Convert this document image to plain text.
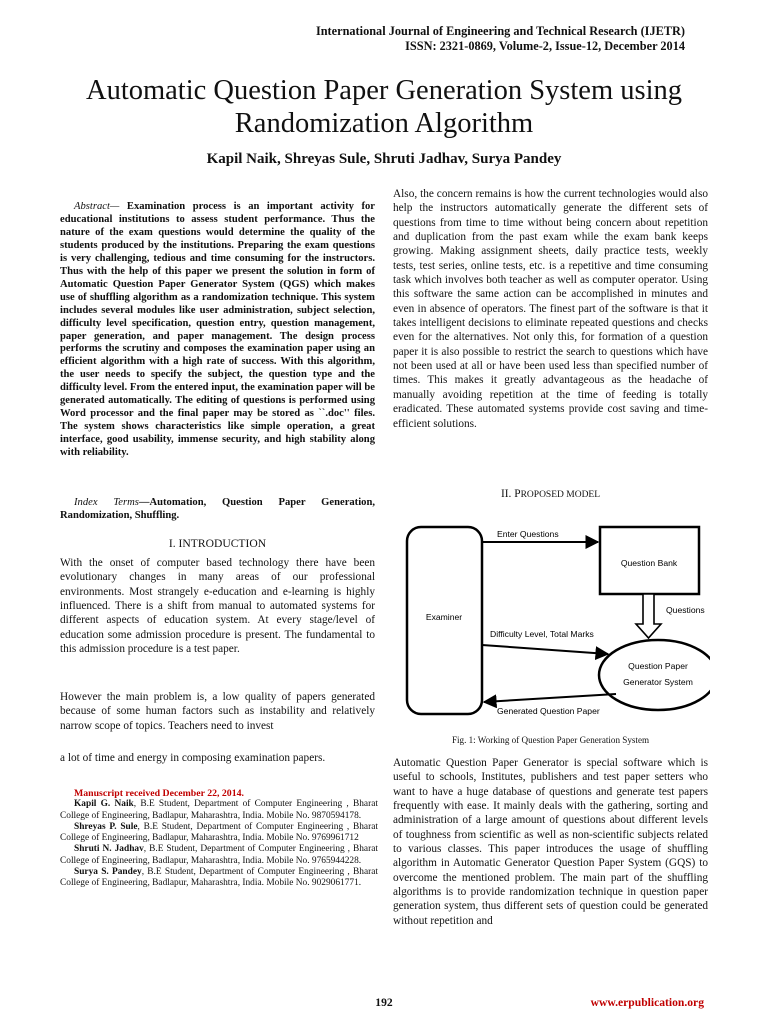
International Journal of Engineering and Technical Research (IJETR)
ISSN: 2321-0869, Volume-2, Issue-12, December 2014
Automatic Question Paper Generation System using
Randomization Algorithm
Kapil Naik, Shreyas Sule, Shruti Jadhav, Surya Pandey
Abstract— Examination process is an important activity for educational institutions to assess student performance. Thus the nature of the exam questions would determine the quality of the students produced by the institutions. Preparing the exam questions is very challenging, tedious and time consuming for the instructors. Thus with the help of this paper we present the solution in form of Automatic Question Paper Generator System (QGS) which makes use of shuffling algorithm as a randomization technique. This system includes several modules like user administration, subject selection, difficulty level specification, question entry, question management, paper generation, and paper management. The design process performs the scrutiny and composes the examination paper using an efficient algorithm with a high rate of success. With this algorithm, the user needs to specify the subject, the question type and the difficulty level. From the entered input, the examination paper will be generated automatically. The editing of questions is performed using Word processor and the final paper may be stored as ``.doc'' files. The system shows characteristics like simple operation, a great interface, good usability, immense security, and high stability along with reliability.
Index Terms—Automation, Question Paper Generation, Randomization, Shuffling.
I. INTRODUCTION

With the onset of computer based technology there have been evolutionary changes in many areas of our professional environments. Most strangely e-education and e-learning is highly influenced. There is a shift from manual to automated systems for different aspects of education system. At every stage/level of education some admission procedure is present. The fundamental to this admission procedure is a test paper.

However the main problem is, a low quality of papers generated because of some human factors such as instability and relatively narrow scope of topics. Teachers need to invest

a lot of time and energy in composing examination papers.

Manuscript received December 22, 2014.

Kapil G. Naik, B.E Student, Department of Computer Engineering , Bharat College of Engineering, Badlapur, Maharashtra, India. Mobile No. 9870594178.

Shreyas P. Sule, B.E Student, Department of Computer Engineering , Bharat College of Engineering, Badlapur, Maharashtra, India. Mobile No. 9769961712

Shruti N. Jadhav, B.E Student, Department of Computer Engineering , Bharat College of Engineering, Badlapur, Maharashtra, India. Mobile No. 9765944228.

Surya S. Pandey, B.E Student, Department of Computer Engineering , Bharat College of Engineering, Badlapur, Maharashtra, India. Mobile No. 9029061771.

Also, the concern remains is how the current technologies would also help the instructors automatically generate the different sets of questions from time to time without being concern about repetition and duplication from the past exam while the exam bank keeps growing. Making assignment sheets, daily practice tests, weekly tests, test series, online tests, etc. is a repetitive and time consuming task which involves both teacher as well as computer operator. Using this software the same action can be accomplished in minutes and even in absence of operators. The finest part of the software is that it takes intelligent decisions to eliminate repeated questions and checks even for the alternatives. Not only this, for formation of a question paper it is also possible to restrict the search to questions which have not been used at all or have been used less than specified number of times. This makes it greatly advantageous as the headache of manually avoiding repetition at the time of feeding is totally eradicated. These automated systems provide cost saving and time-efficient solutions.

II. PROPOSED MODEL
Examiner
Question Bank
Question Paper
Generator System
Enter Questions
Questions
Difficulty Level, Total Marks
Generated Question Paper
Fig. 1: Working of Question Paper Generation System

Automatic Question Paper Generator is special software which is useful to schools, Institutes, publishers and test paper setters who want to have a huge database of questions and generate test papers frequently with ease. It mainly deals with the gathering, sorting and administration of a large amount of questions about different levels of toughness from scientific as well as non-scientific subjects related to various classes. This paper introduces the usage of shuffling algorithm in Automatic Generator Question Paper System (GQS) to overcome the mentioned problem. The main part of the shuffling algorithms is to provide randomization technique in question paper generation system, thus different sets of question could be generated without repetition and

192	www.erpublication.org
